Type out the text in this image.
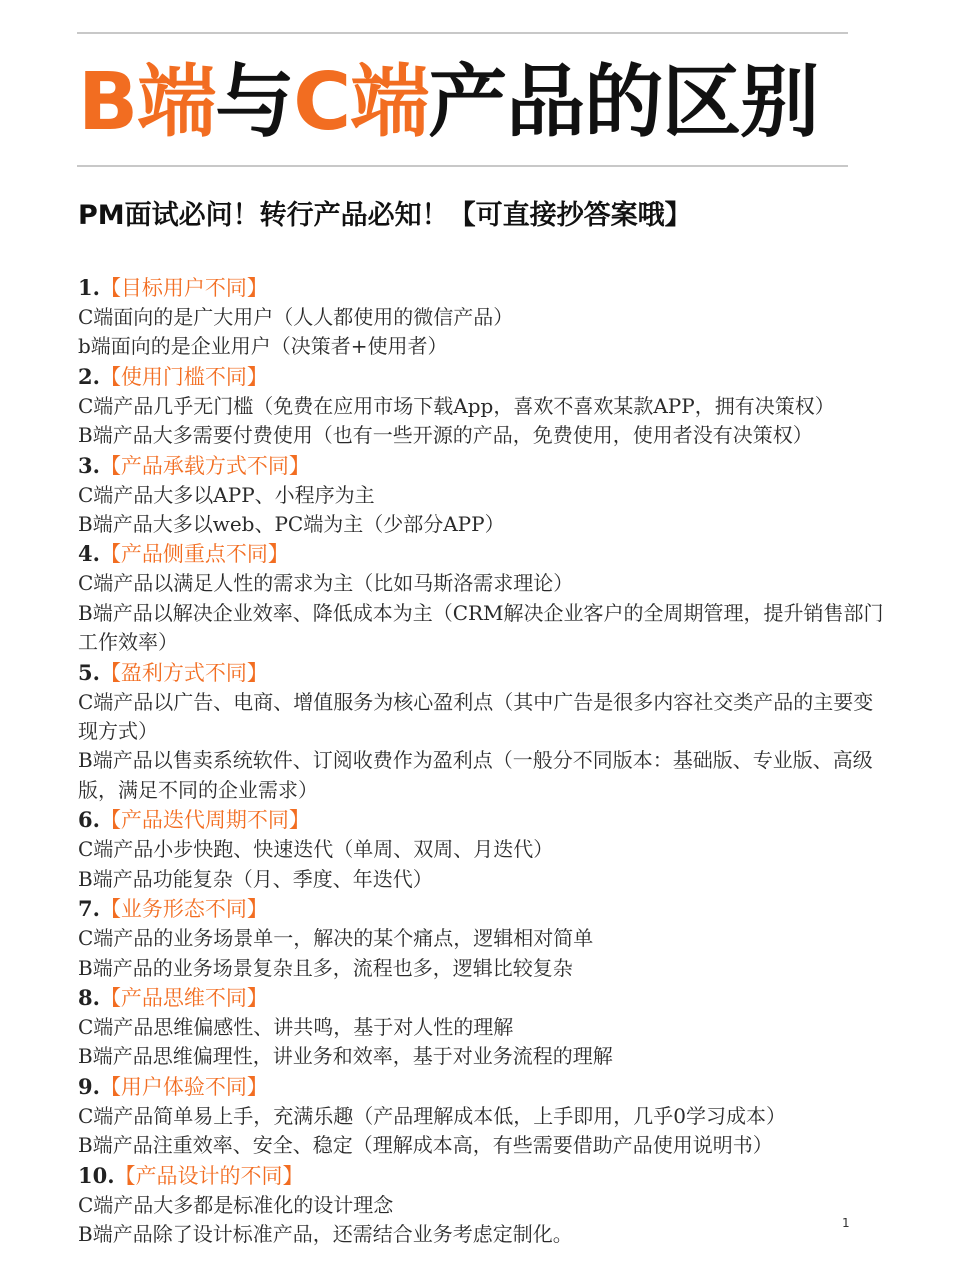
B端与C端产品的区别
PM面试必问！转行产品必知！【可直接抄答案哦】
1.【目标用户不同】
C端面向的是广大用户（人人都使用的微信产品）
b端面向的是企业用户（决策者+使用者）
2.【使用门槛不同】
C端产品几乎无门槛（免费在应用市场下载App，喜欢不喜欢某款APP，拥有决策权）
B端产品大多需要付费使用（也有一些开源的产品，免费使用，使用者没有决策权）
3.【产品承载方式不同】
C端产品大多以APP、小程序为主
B端产品大多以web、PC端为主（少部分APP）
4.【产品侧重点不同】
C端产品以满足人性的需求为主（比如马斯洛需求理论）
B端产品以解决企业效率、降低成本为主（CRM解决企业客户的全周期管理，提升销售部门工作效率）
5.【盈利方式不同】
C端产品以广告、电商、增值服务为核心盈利点（其中广告是很多内容社交类产品的主要变现方式）
B端产品以售卖系统软件、订阅收费作为盈利点（一般分不同版本：基础版、专业版、高级版，满足不同的企业需求）
6.【产品迭代周期不同】
C端产品小步快跑、快速迭代（单周、双周、月迭代）
B端产品功能复杂（月、季度、年迭代）
7.【业务形态不同】
C端产品的业务场景单一，解决的某个痛点，逻辑相对简单
B端产品的业务场景复杂且多，流程也多，逻辑比较复杂
8.【产品思维不同】
C端产品思维偏感性、讲共鸣，基于对人性的理解
B端产品思维偏理性，讲业务和效率，基于对业务流程的理解
9.【用户体验不同】
C端产品简单易上手，充满乐趣（产品理解成本低，上手即用，几乎0学习成本）
B端产品注重效率、安全、稳定（理解成本高，有些需要借助产品使用说明书）
10.【产品设计的不同】
C端产品大多都是标准化的设计理念
B端产品除了设计标准产品，还需结合业务考虑定制化。	1
